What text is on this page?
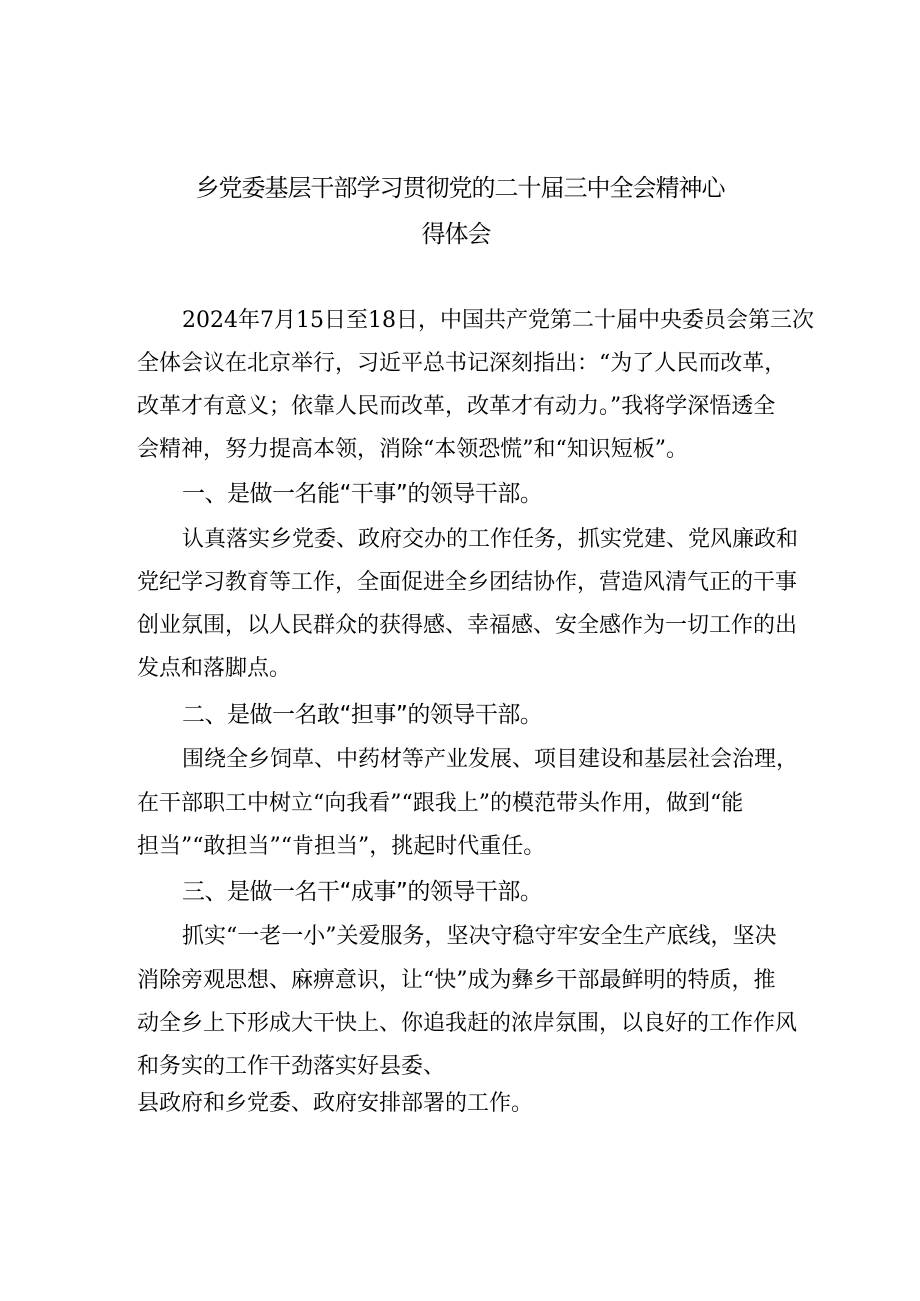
乡党委基层干部学习贯彻党的二十届三中全会精神心
得体会
2024年7月15日至18日，中国共产党第二十届中央委员会第三次
全体会议在北京举行，习近平总书记深刻指出：“为了人民而改革，
改革才有意义；依靠人民而改革，改革才有动力。”我将学深悟透全
会精神，努力提高本领，消除“本领恐慌”和“知识短板”。
一、是做一名能“干事”的领导干部。
认真落实乡党委、政府交办的工作任务，抓实党建、党风廉政和
党纪学习教育等工作，全面促进全乡团结协作，营造风清气正的干事
创业氛围，以人民群众的获得感、幸福感、安全感作为一切工作的出
发点和落脚点。
二、是做一名敢“担事”的领导干部。
围绕全乡饲草、中药材等产业发展、项目建设和基层社会治理，
在干部职工中树立“向我看”“跟我上”的模范带头作用，做到“能
担当”“敢担当”“肯担当”，挑起时代重任。
三、是做一名干“成事”的领导干部。
抓实“一老一小”关爱服务，坚决守稳守牢安全生产底线，坚决
消除旁观思想、麻痹意识，让“快”成为彝乡干部最鲜明的特质，推
动全乡上下形成大干快上、你追我赶的浓岸氛围，以良好的工作作风
和务实的工作干劲落实好县委、
县政府和乡党委、政府安排部署的工作。
